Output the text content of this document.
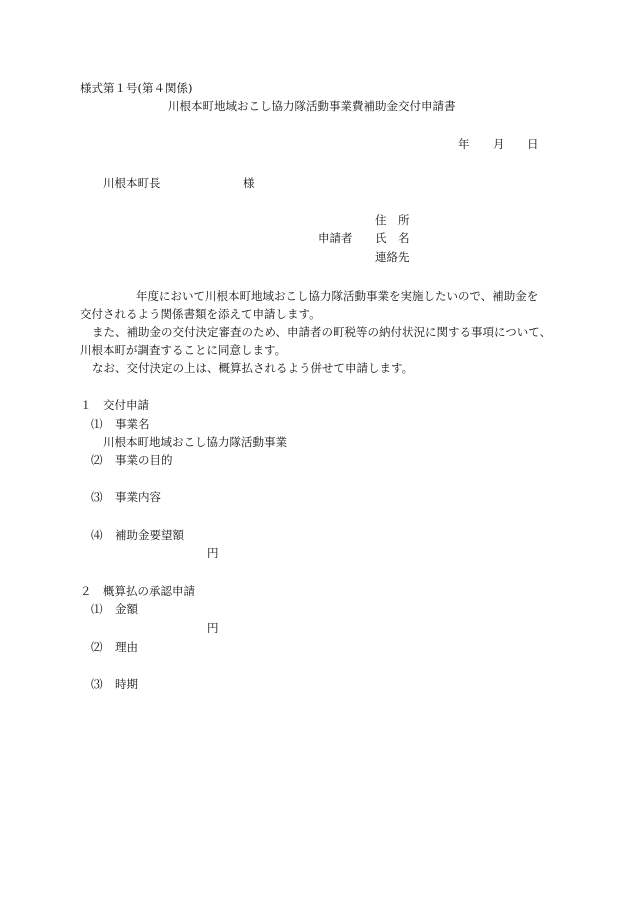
様式第１号(第４関係)
川根本町地域おこし協力隊活動事業費補助金交付申請書
年 月 日
川根本町長	様
住　所
申請者 氏　名
連絡先

年度において川根本町地域おこし協力隊活動事業を実施したいので、補助金を

交付されるよう関係書類を添えて申請します。

また、補助金の交付決定審査のため、申請者の町税等の納付状況に関する事項について、

川根本町が調査することに同意します。

なお、交付決定の上は、概算払されるよう併せて申請します。

１　交付申請
⑴ 事業名
川根本町地域おこし協力隊活動事業
⑵ 事業の目的
⑶ 事業内容
⑷ 補助金要望額
円
２　概算払の承認申請
⑴ 金額
円
⑵ 理由
⑶ 時期
